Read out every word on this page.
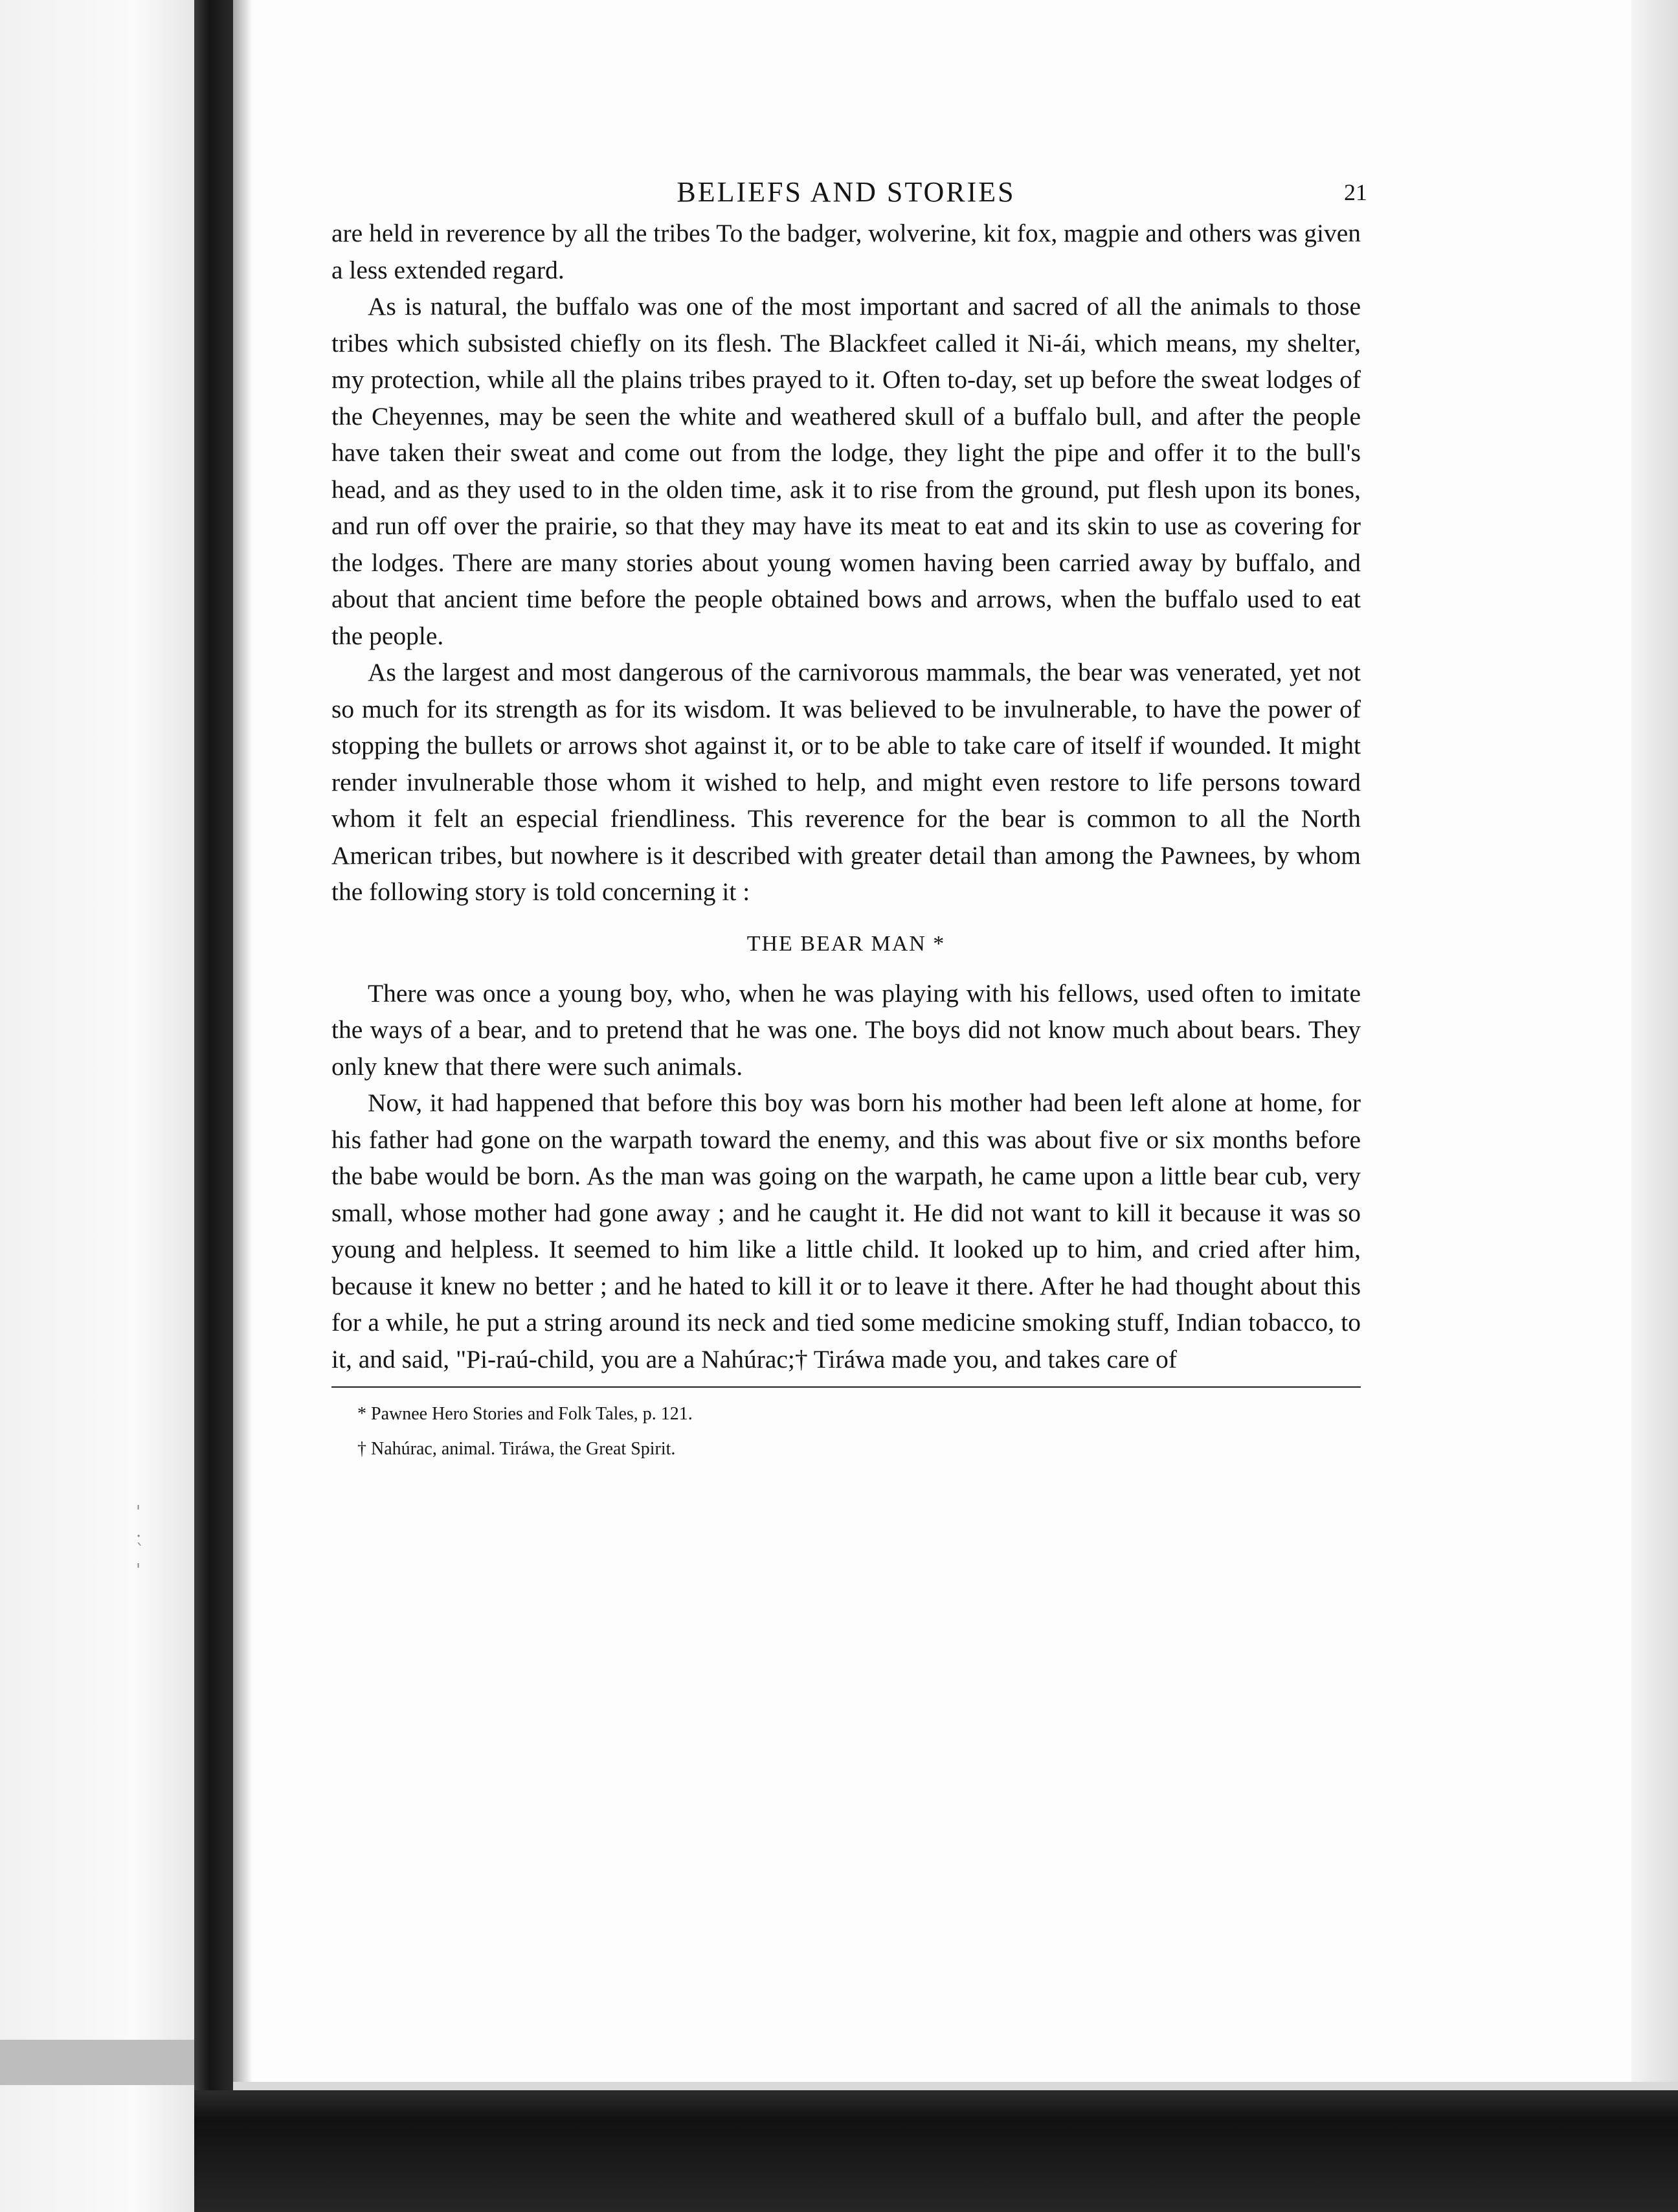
'
.
`
'
BELIEFS AND STORIES	21

are held in reverence by all the tribes To the badger, wolverine, kit fox, magpie and others was given a less extended regard.

As is natural, the buffalo was one of the most important and sacred of all the animals to those tribes which subsisted chiefly on its flesh. The Blackfeet called it Ni-ái, which means, my shelter, my protection, while all the plains tribes prayed to it. Often to-day, set up before the sweat lodges of the Cheyennes, may be seen the white and weathered skull of a buffalo bull, and after the people have taken their sweat and come out from the lodge, they light the pipe and offer it to the bull's head, and as they used to in the olden time, ask it to rise from the ground, put flesh upon its bones, and run off over the prairie, so that they may have its meat to eat and its skin to use as covering for the lodges. There are many stories about young women having been carried away by buffalo, and about that ancient time before the people obtained bows and arrows, when the buffalo used to eat the people.

As the largest and most dangerous of the carnivorous mammals, the bear was venerated, yet not so much for its strength as for its wisdom. It was believed to be invulnerable, to have the power of stopping the bullets or arrows shot against it, or to be able to take care of itself if wounded. It might render invulnerable those whom it wished to help, and might even restore to life persons toward whom it felt an especial friendliness. This reverence for the bear is common to all the North American tribes, but nowhere is it described with greater detail than among the Pawnees, by whom the following story is told concerning it :

THE BEAR MAN *

There was once a young boy, who, when he was playing with his fellows, used often to imitate the ways of a bear, and to pretend that he was one. The boys did not know much about bears. They only knew that there were such animals.

Now, it had happened that before this boy was born his mother had been left alone at home, for his father had gone on the warpath toward the enemy, and this was about five or six months before the babe would be born. As the man was going on the warpath, he came upon a little bear cub, very small, whose mother had gone away ; and he caught it. He did not want to kill it because it was so young and helpless. It seemed to him like a little child. It looked up to him, and cried after him, because it knew no better ; and he hated to kill it or to leave it there. After he had thought about this for a while, he put a string around its neck and tied some medicine smoking stuff, Indian tobacco, to it, and said, "Pi-raú-child, you are a Nahúrac;† Tiráwa made you, and takes care of

* Pawnee Hero Stories and Folk Tales, p. 121.

† Nahúrac, animal. Tiráwa, the Great Spirit.
